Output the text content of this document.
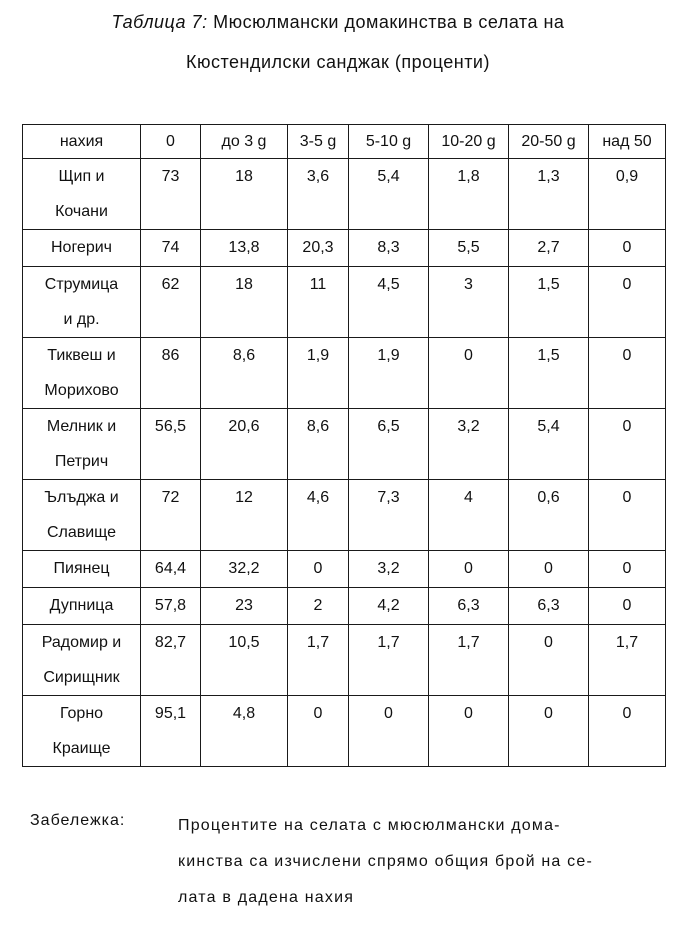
Таблица 7: Мюсюлмански домакинства в селата на
Кюстендилски санджак (проценти)
нахия	0	до 3 g	3-5 g	5-10 g	10-20 g	20-50 g	над 50

Щип и
Кочани	73	18	3,6	5,4	1,8	1,3	0,9

Ногерич	74	13,8	20,3	8,3	5,5	2,7	0

Струмица
и др.	62	18	11	4,5	3	1,5	0

Тиквеш и
Морихово	86	8,6	1,9	1,9	0	1,5	0

Мелник и
Петрич	56,5	20,6	8,6	6,5	3,2	5,4	0

Ълъджа и
Славище	72	12	4,6	7,3	4	0,6	0

Пиянец	64,4	32,2	0	3,2	0	0	0

Дупница	57,8	23	2	4,2	6,3	6,3	0

Радомир и
Сирищник	82,7	10,5	1,7	1,7	1,7	0	1,7

Горно
Краище	95,1	4,8	0	0	0	0	0
Забележка:	Процентите на селата с мюсюлмански дома-
кинства са изчислени спрямо общия брой на се-
лата в дадена нахия
